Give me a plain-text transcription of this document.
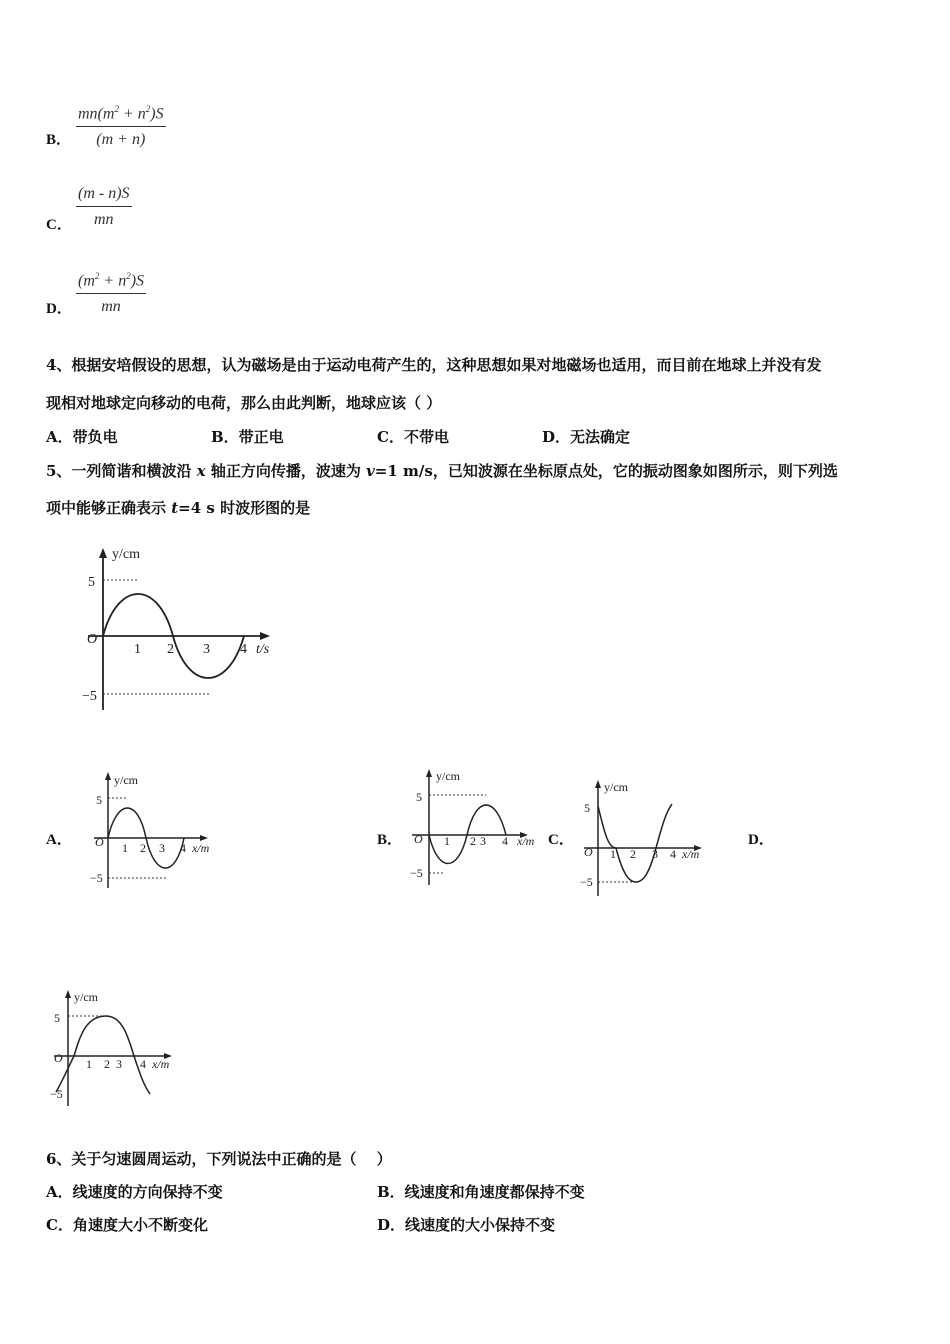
B． $\frac{mn(m^2 + n^2)S}{(m + n)}$
C． $\frac{(m - n)S}{mn}$
D． $\frac{(m^2 + n^2)S}{mn}$
4、根据安培假设的思想，认为磁场是由于运动电荷产生的，这种思想如果对地磁场也适用，而目前在地球上并没有发
现相对地球定向移动的电荷，那么由此判断，地球应该（ ）
A．带负电	B．带正电	C．不带电	D．无法确定
5、一列简谐和横波沿 x 轴正方向传播，波速为 v=1 m/s，已知波源在坐标原点处，它的振动图象如图所示，则下列选
项中能够正确表示 t=4 s 时波形图的是
y/cm
5
−5
O
1 2 3 4 t/s
A．	B．	C．	D．
y/cm
5
−5
O 1 2 3 4 x/m
y/cm
5
−5
O 1 2 3 4 x/m
y/cm
5
−5
O 1 2 3 4 x/m
y/cm
5
−5
O 1 2 3 4 x/m
6、关于匀速圆周运动，下列说法中正确的是（　 ）
A．线速度的方向保持不变	B．线速度和角速度都保持不变
C．角速度大小不断变化	D．线速度的大小保持不变
